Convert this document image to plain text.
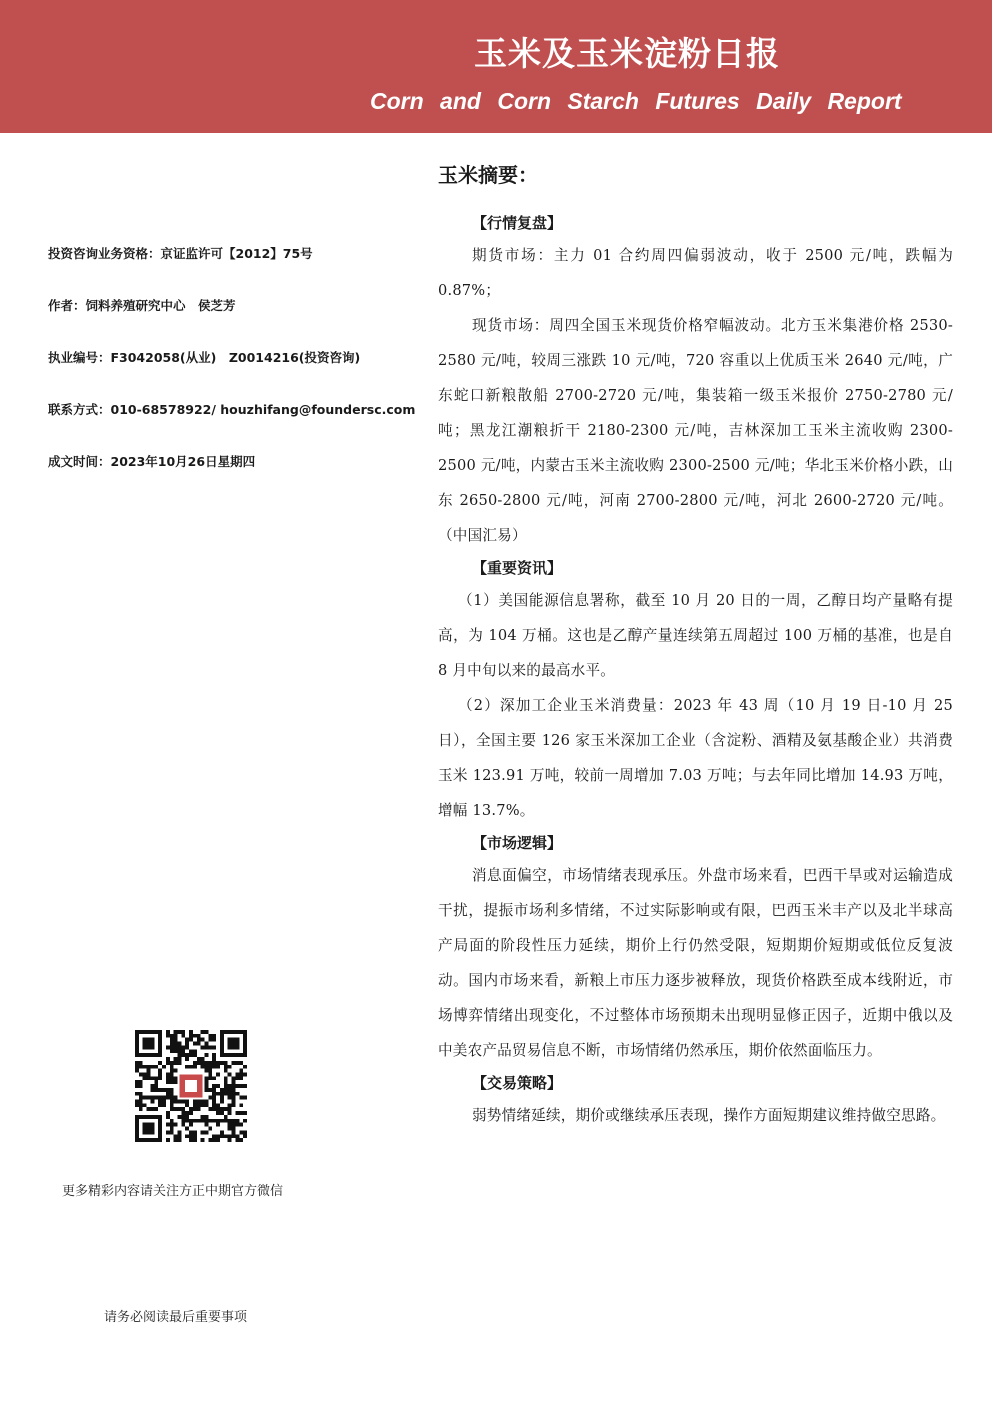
玉米及玉米淀粉日报
Corn and Corn Starch Futures Daily Report
投资咨询业务资格：京证监许可【2012】75号
作者：饲料养殖研究中心　侯芝芳
执业编号：F3042058(从业)　Z0014216(投资咨询)
联系方式：010-68578922/ houzhifang@foundersc.com
成文时间：2023年10月26日星期四
更多精彩内容请关注方正中期官方微信
请务必阅读最后重要事项
玉米摘要：
【行情复盘】

期货市场：主力 01 合约周四偏弱波动，收于 2500 元/吨，跌幅为 0.87%；

现货市场：周四全国玉米现货价格窄幅波动。北方玉米集港价格 2530-2580 元/吨，较周三涨跌 10 元/吨，720 容重以上优质玉米 2640 元/吨，广东蛇口新粮散船 2700-2720 元/吨，集装箱一级玉米报价 2750-2780 元/吨；黑龙江潮粮折干 2180-2300 元/吨，吉林深加工玉米主流收购 2300-2500 元/吨，内蒙古玉米主流收购 2300-2500 元/吨；华北玉米价格小跌，山东 2650-2800 元/吨，河南 2700-2800 元/吨，河北 2600-2720 元/吨。（中国汇易）

【重要资讯】

（1）美国能源信息署称，截至 10 月 20 日的一周，乙醇日均产量略有提高，为 104 万桶。这也是乙醇产量连续第五周超过 100 万桶的基准，也是自 8 月中旬以来的最高水平。

（2）深加工企业玉米消费量：2023 年 43 周（10 月 19 日-10 月 25 日），全国主要 126 家玉米深加工企业（含淀粉、酒精及氨基酸企业）共消费玉米 123.91 万吨，较前一周增加 7.03 万吨；与去年同比增加 14.93 万吨，增幅 13.7%。

【市场逻辑】

消息面偏空，市场情绪表现承压。外盘市场来看，巴西干旱或对运输造成干扰，提振市场利多情绪，不过实际影响或有限，巴西玉米丰产以及北半球高产局面的阶段性压力延续，期价上行仍然受限，短期期价短期或低位反复波动。国内市场来看，新粮上市压力逐步被释放，现货价格跌至成本线附近，市场博弈情绪出现变化，不过整体市场预期未出现明显修正因子，近期中俄以及中美农产品贸易信息不断，市场情绪仍然承压，期价依然面临压力。

【交易策略】

弱势情绪延续，期价或继续承压表现，操作方面短期建议维持做空思路。
